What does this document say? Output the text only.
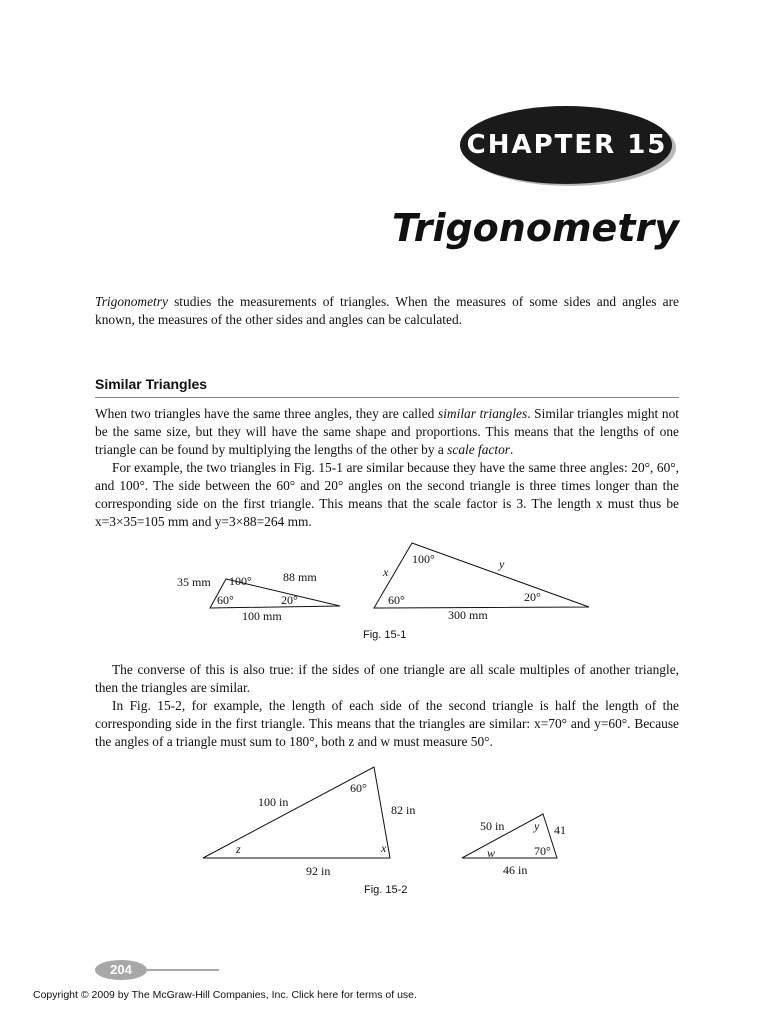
CHAPTER 15
Trigonometry

Trigonometry studies the measurements of triangles. When the measures of some sides and angles are known, the measures of the other sides and angles can be calculated.

Similar Triangles

When two triangles have the same three angles, they are called similar triangles. Similar triangles might not be the same size, but they will have the same shape and proportions. This means that the lengths of one triangle can be found by multiplying the lengths of the other by a scale factor.

For example, the two triangles in Fig. 15-1 are similar because they have the same three angles: 20°, 60°, and 100°. The side between the 60° and 20° angles on the second triangle is three times longer than the corresponding side on the first triangle. This means that the scale factor is 3. The length x must thus be x=3×35=105 mm and y=3×88=264 mm.

35 mm 100°	88 mm
60°	20°
100 mm
x
100°	y
60°	20°
300 mm
Fig. 15-1

The converse of this is also true: if the sides of one triangle are all scale multiples of another triangle, then the triangles are similar.

In Fig. 15-2, for example, the length of each side of the second triangle is half the length of the corresponding side in the first triangle. This means that the triangles are similar: x=70° and y=60°. Because the angles of a triangle must sum to 180°, both z and w must measure 50°.

100 in
60°
82 in
z	x
92 in
50 in y 41
w	70°
46 in
Fig. 15-2
204
Copyright © 2009 by The McGraw-Hill Companies, Inc. Click here for terms of use.
